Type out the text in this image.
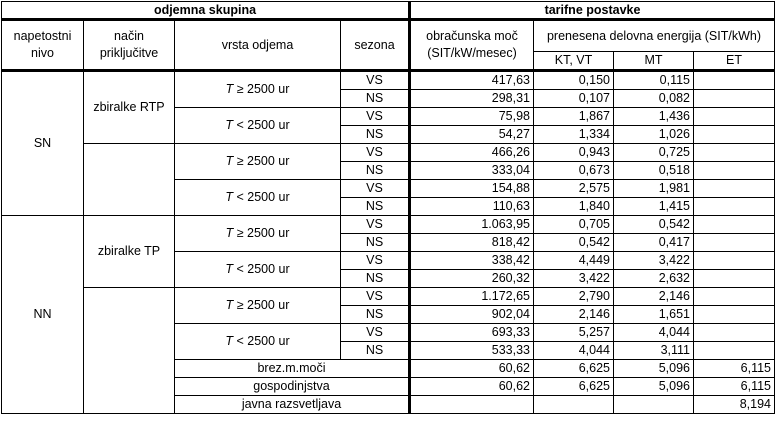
odjemna skupina				tarifne postavke			
napetostni nivo	način priključitve	vrsta odjema	sezona	obračunska moč (SIT/kW/mesec)	prenesena delovna energija (SIT/kWh)		
					KT, VT	MT	ET
SN	zbiralke RTP	T ≥ 2500 ur	VS	417,63	0,150	0,115	
			NS	298,31	0,107	0,082	
		T < 2500 ur	VS	75,98	1,867	1,436	
			NS	54,27	1,334	1,026	
		T ≥ 2500 ur	VS	466,26	0,943	0,725	
			NS	333,04	0,673	0,518	
		T < 2500 ur	VS	154,88	2,575	1,981	
			NS	110,63	1,840	1,415	
NN	zbiralke TP	T ≥ 2500 ur	VS	1.063,95	0,705	0,542	
			NS	818,42	0,542	0,417	
		T < 2500 ur	VS	338,42	4,449	3,422	
			NS	260,32	3,422	2,632	
		T ≥ 2500 ur	VS	1.172,65	2,790	2,146	
			NS	902,04	2,146	1,651	
		T < 2500 ur	VS	693,33	5,257	4,044	
			NS	533,33	4,044	3,111	
		brez.m.moči		60,62	6,625	5,096	6,115
		gospodinjstva		60,62	6,625	5,096	6,115
		javna razsvetljava					8,194
